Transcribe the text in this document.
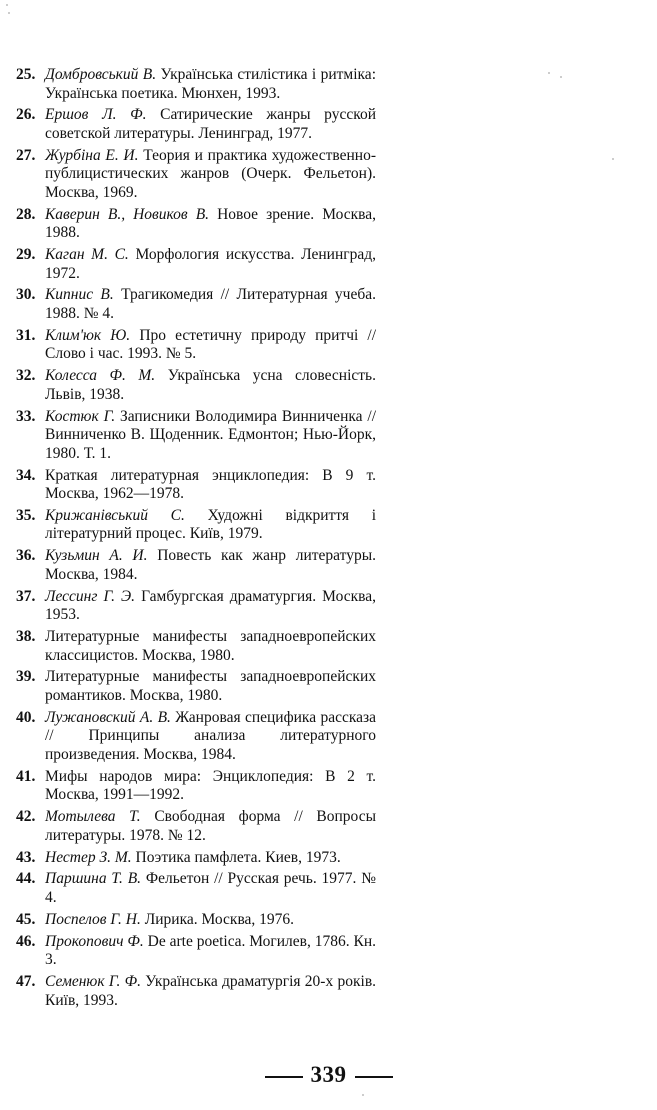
25. Домбровський В. Українська стилістика і ритміка: Українська поетика. Мюнхен, 1993.
26. Ершов Л. Ф. Сатирические жанры русской советской литературы. Ленинград, 1977.
27. Журбіна Е. И. Теория и практика художественно-публицистических жанров (Очерк. Фельетон). Москва, 1969.
28. Каверин В., Новиков В. Новое зрение. Москва, 1988.
29. Каган М. С. Морфология искусства. Ленинград, 1972.
30. Кипнис В. Трагикомедия // Литературная учеба. 1988. № 4.
31. Клим'юк Ю. Про естетичну природу притчі // Слово і час. 1993. № 5.
32. Колесса Ф. М. Українська усна словесність. Львів, 1938.
33. Костюк Г. Записники Володимира Винниченка // Винниченко В. Щоденник. Едмонтон; Нью-Йорк, 1980. Т. 1.
34. Краткая литературная энциклопедия: В 9 т. Москва, 1962—1978.
35. Крижанівський С. Художні відкриття і літературний процес. Київ, 1979.
36. Кузьмин А. И. Повесть как жанр литературы. Москва, 1984.
37. Лессинг Г. Э. Гамбургская драматургия. Москва, 1953.
38. Литературные манифесты западноевропейских классицистов. Москва, 1980.
39. Литературные манифесты западноевропейских романтиков. Москва, 1980.
40. Лужановский А. В. Жанровая специфика рассказа // Принципы анализа литературного произведения. Москва, 1984.
41. Мифы народов мира: Энциклопедия: В 2 т. Москва, 1991—1992.
42. Мотылева Т. Свободная форма // Вопросы литературы. 1978. № 12.
43. Нестер З. М. Поэтика памфлета. Киев, 1973.
44. Паршина Т. В. Фельетон // Русская речь. 1977. № 4.
45. Поспелов Г. Н. Лирика. Москва, 1976.
46. Прокопович Ф. De arte poetica. Могилев, 1786. Кн. 3.
47. Семенюк Г. Ф. Українська драматургія 20-х років. Київ, 1993.
339
